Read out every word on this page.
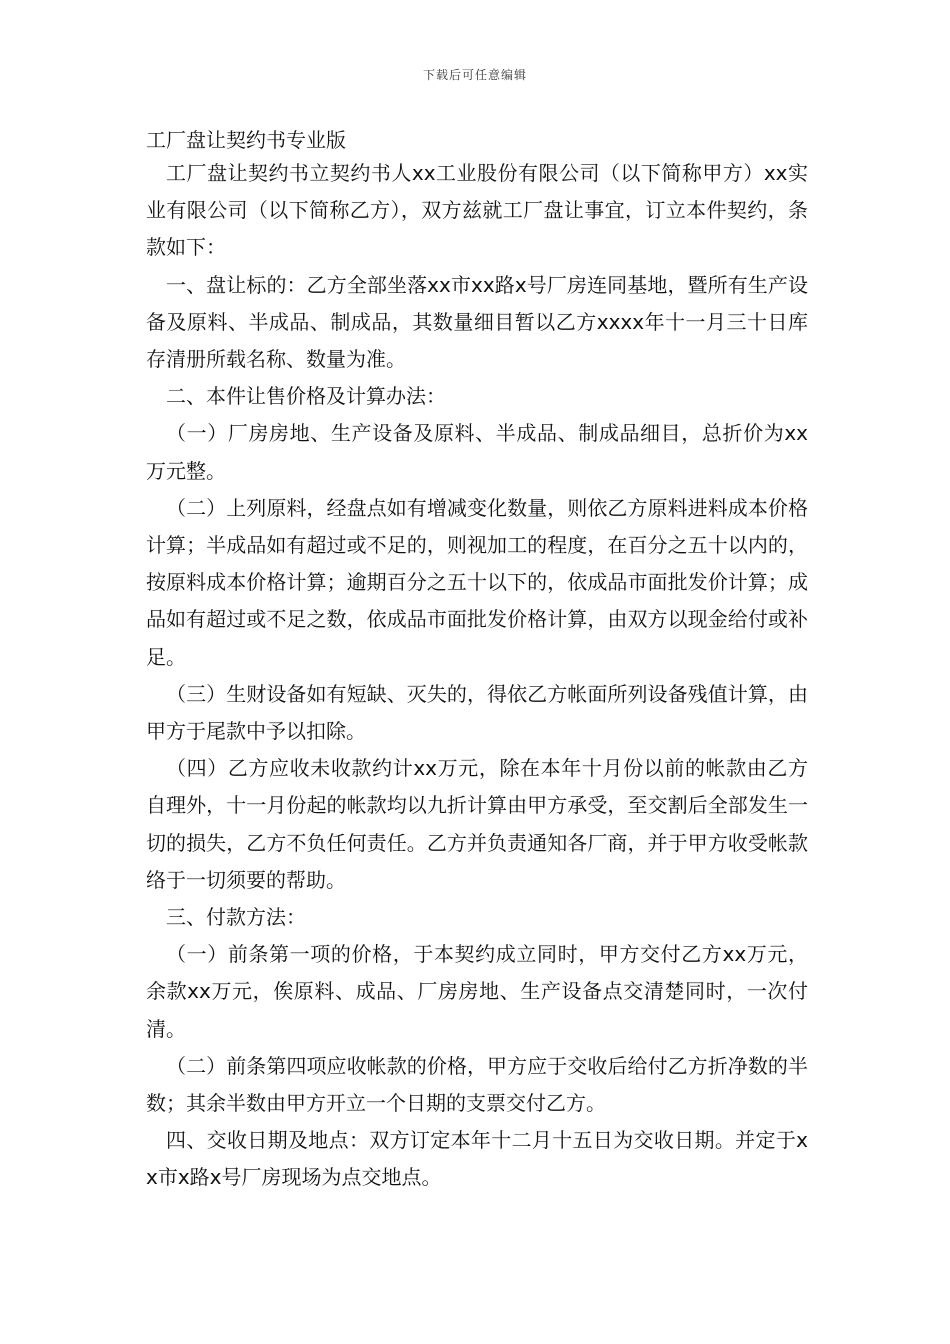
下载后可任意编辑
工厂盘让契约书专业版

工厂盘让契约书立契约书人xx工业股份有限公司（以下简称甲方）xx实业有限公司（以下简称乙方），双方兹就工厂盘让事宜，订立本件契约，条款如下：

一、盘让标的：乙方全部坐落xx市xx路x号厂房连同基地，暨所有生产设备及原料、半成品、制成品，其数量细目暂以乙方xxxx年十一月三十日库存清册所载名称、数量为准。

二、本件让售价格及计算办法：

（一）厂房房地、生产设备及原料、半成品、制成品细目，总折价为xx万元整。

（二）上列原料，经盘点如有增减变化数量，则依乙方原料进料成本价格计算；半成品如有超过或不足的，则视加工的程度，在百分之五十以内的，按原料成本价格计算；逾期百分之五十以下的，依成品市面批发价计算；成品如有超过或不足之数，依成品市面批发价格计算，由双方以现金给付或补足。

（三）生财设备如有短缺、灭失的，得依乙方帐面所列设备残值计算，由甲方于尾款中予以扣除。

（四）乙方应收未收款约计xx万元，除在本年十月份以前的帐款由乙方自理外，十一月份起的帐款均以九折计算由甲方承受，至交割后全部发生一切的损失，乙方不负任何责任。乙方并负责通知各厂商，并于甲方收受帐款络于一切须要的帮助。

三、付款方法：

（一）前条第一项的价格，于本契约成立同时，甲方交付乙方xx万元，余款xx万元，俟原料、成品、厂房房地、生产设备点交清楚同时，一次付清。

（二）前条第四项应收帐款的价格，甲方应于交收后给付乙方折净数的半数；其余半数由甲方开立一个日期的支票交付乙方。

四、交收日期及地点：双方订定本年十二月十五日为交收日期。并定于xx市x路x号厂房现场为点交地点。
